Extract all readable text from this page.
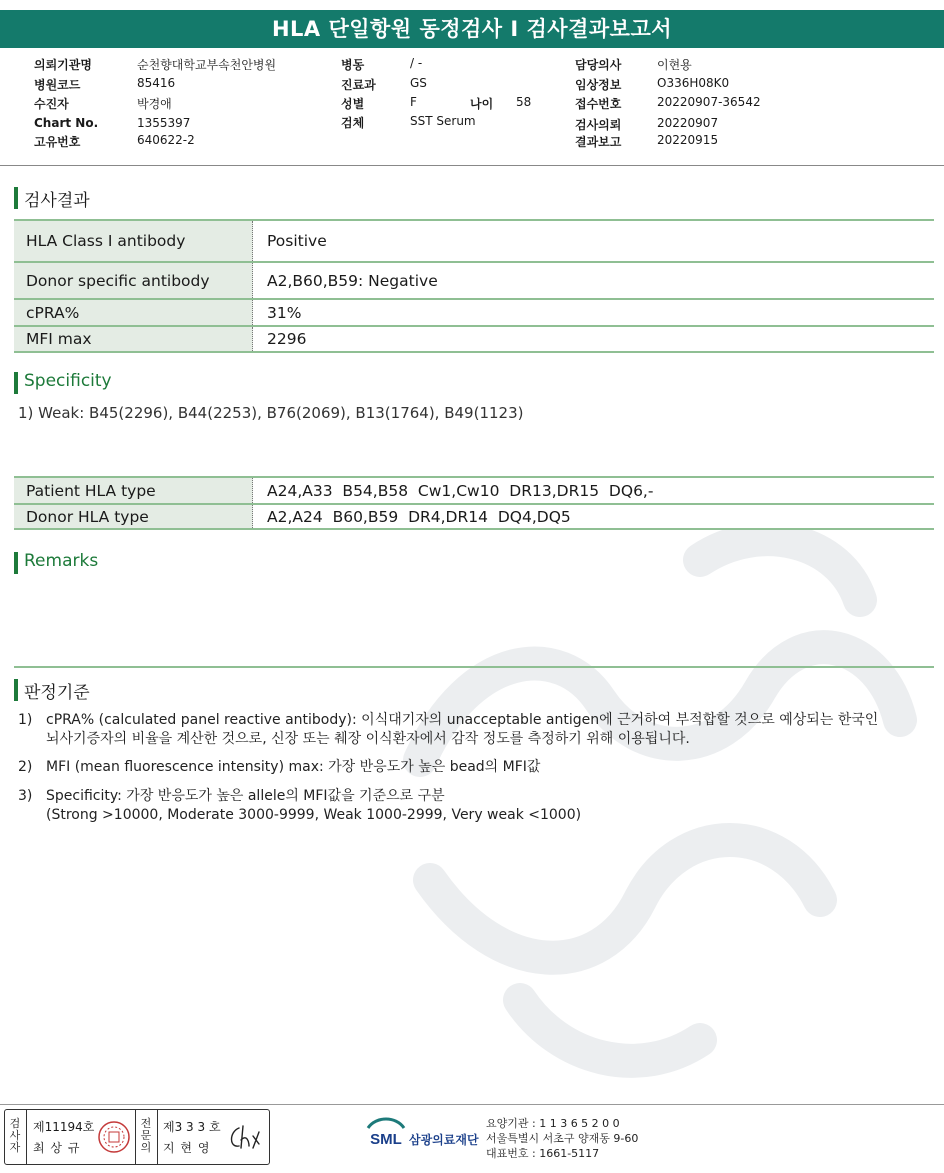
HLA 단일항원 동정검사 I 검사결과보고서
의뢰기관명	순천향대학교부속천안병원
병원코드	85416
수진자	박경애
Chart No.	1355397
고유번호	640622-2
병동	/ -
진료과	GS
성별	F	나이 58
검체	SST Serum
담당의사	이현용
임상정보	O336H08K0
접수번호	20220907-36542
검사의뢰	20220907
결과보고	20220915
검사결과
HLA Class I antibody	Positive
Donor specific antibody	A2,B60,B59: Negative
cPRA%	31%
MFI max	2296
Specificity
1) Weak: B45(2296), B44(2253), B76(2069), B13(1764), B49(1123)
Patient HLA type	A24,A33  B54,B58  Cw1,Cw10  DR13,DR15  DQ6,-
Donor HLA type	A2,A24  B60,B59  DR4,DR14  DQ4,DQ5
Remarks
판정기준
1) cPRA% (calculated panel reactive antibody): 이식대기자의 unacceptable antigen에 근거하여 부적합할 것으로 예상되는 한국인
뇌사기증자의 비율을 계산한 것으로, 신장 또는 췌장 이식환자에서 감작 정도를 측정하기 위해 이용됩니다.
2) MFI (mean fluorescence intensity) max: 가장 반응도가 높은 bead의 MFI값
3) Specificity: 가장 반응도가 높은 allele의 MFI값을 기준으로 구분
(Strong >10000, Moderate 3000-9999, Weak 1000-2999, Very weak <1000)
검
사
자
제11194호
최 상 규
전
문
의
제3 3 3 호
지 현 영	SML 삼광의료재단
요양기관 : 1 1 3 6 5 2 0 0
서울특별시 서초구 양재동 9-60
대표번호 : 1661-5117
